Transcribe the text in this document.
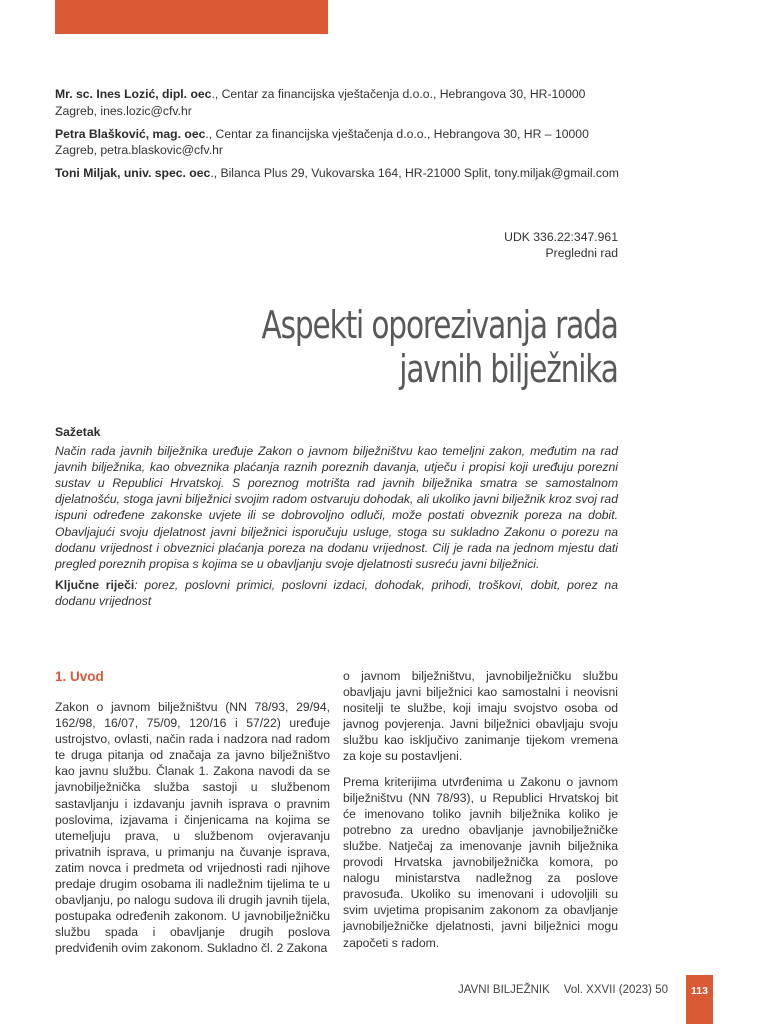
Mr. sc. Ines Lozić, dipl. oec., Centar za financijska vještačenja d.o.o., Hebrangova 30, HR-10000 Zagreb, ines.lozic@cfv.hr
Petra Blašković, mag. oec., Centar za financijska vještačenja d.o.o., Hebrangova 30, HR – 10000 Zagreb, petra.blaskovic@cfv.hr
Toni Miljak, univ. spec. oec., Bilanca Plus 29, Vukovarska 164, HR-21000 Split, tony.miljak@gmail.com
UDK 336.22:347.961
Pregledni rad
Aspekti oporezivanja rada
javnih bilježnika
Sažetak

Način rada javnih bilježnika uređuje Zakon o javnom bilježništvu kao temeljni zakon, međutim na rad javnih bilježnika, kao obveznika plaćanja raznih poreznih davanja, utječu i propisi koji uređuju porezni sustav u Republici Hrvatskoj. S poreznog motrišta rad javnih bilježnika smatra se samostalnom djelatnošću, stoga javni bilježnici svojim radom ostvaruju dohodak, ali ukoliko javni bilježnik kroz svoj rad ispuni određene zakonske uvjete ili se dobrovoljno odluči, može postati obveznik poreza na dobit. Obavljajući svoju djelatnost javni bilježnici isporučuju usluge, stoga su sukladno Zakonu o porezu na dodanu vrijednost i obveznici plaćanja poreza na dodanu vrijednost. Cilj je rada na jednom mjestu dati pregled poreznih propisa s kojima se u obavljanju svoje djelatnosti susreću javni bilježnici.

Ključne riječi: porez, poslovni primici, poslovni izdaci, dohodak, prihodi, troškovi, dobit, porez na dodanu vrijednost

1. Uvod

Zakon o javnom bilježništvu (NN 78/93, 29/94, 162/98, 16/07, 75/09, 120/16 i 57/22) uređuje ustrojstvo, ovlasti, način rada i nadzora nad radom te druga pitanja od značaja za javno bilježništvo kao javnu službu. Članak 1. Zakona navodi da se javnobilježnička služba sastoji u službenom sastavljanju i izdavanju javnih isprava o pravnim poslovima, izjavama i činjenicama na kojima se utemeljuju prava, u službenom ovjeravanju privatnih isprava, u primanju na čuvanje isprava, zatim novca i predmeta od vrijednosti radi njihove predaje drugim osobama ili nadležnim tijelima te u obavljanju, po nalogu sudova ili drugih javnih tijela, postupaka određenih zakonom. U javnobilježničku službu spada i obavljanje drugih poslova predviđenih ovim zakonom. Sukladno čl. 2 Zakona

o javnom bilježništvu, javnobilježničku službu obavljaju javni bilježnici kao samostalni i neovisni nositelji te službe, koji imaju svojstvo osoba od javnog povjerenja. Javni bilježnici obavljaju svoju službu kao isključivo zanimanje tijekom vremena za koje su postavljeni.

Prema kriterijima utvrđenima u Zakonu o javnom bilježništvu (NN 78/93), u Republici Hrvatskoj bit će imenovano toliko javnih bilježnika koliko je potrebno za uredno obavljanje javnobilježničke službe. Natječaj za imenovanje javnih bilježnika provodi Hrvatska javnobilježnička komora, po nalogu ministarstva nadležnog za poslove pravosuđa. Ukoliko su imenovani i udovoljili su svim uvjetima propisanim zakonom za obavljanje javnobilježničke djelatnosti, javni bilježnici mogu započeti s radom.

JAVNI BILJEŽNIK Vol. XXVII (2023) 50	113
